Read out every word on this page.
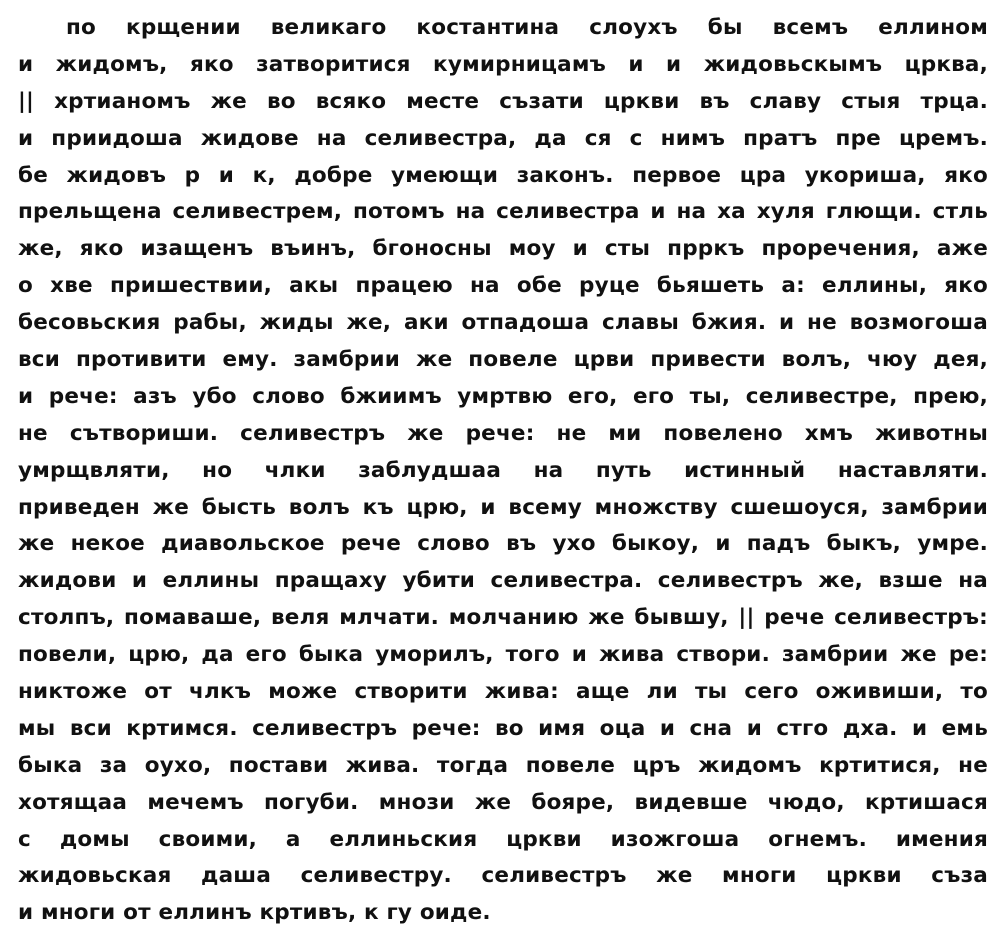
по крщении великаго костантина слоухъ бы всемъ еллином
и жидомъ, яко затворитися кумирницамъ и и жидовьскымъ црква,
|| хртианомъ же во всяко месте съзати цркви въ славу стыя трца.
и приидоша жидове на селивестра, да ся с нимъ пратъ пре цремъ.
бе жидовъ р и к, добре умеющи законъ. первое цра укориша, яко
прельщена селивестрем, потомъ на селивестра и на ха хуля глющи. стль
же, яко изащенъ въинъ, бгоносны моу и сты прркъ проречения, аже
о хве пришествии, акы працею на обе руце бьяшеть а: еллины, яко
бесовьския рабы, жиды же, аки отпадоша славы бжия. и не возмогоша
вси противити ему. замбрии же повеле црви привести волъ, чюу дея,
и рече: азъ убо слово бжиимъ умртвю его, его ты, селивестре, прею,
не сътвориши. селивестръ же рече: не ми повелено хмъ животны
умрщвляти, но члки заблудшаа на путь истинный наставляти.
приведен же бысть волъ къ црю, и всему множству сшешоуся, замбрии
же некое диавольское рече слово въ ухо быкоу, и падъ быкъ, умре.
жидови и еллины пращаху убити селивестра. селивестръ же, взше на
столпъ, помаваше, веля млчати. молчанию же бывшу, || рече селивестръ:
повели, црю, да его быка уморилъ, того и жива створи. замбрии же ре:
никтоже от члкъ може створити жива: аще ли ты сего оживиши, то
мы вси кртимся. селивестръ рече: во имя оца и сна и стго дха. и емь
быка за оухо, постави жива. тогда повеле цръ жидомъ кртитися, не
хотящаа мечемъ погуби. мнози же бояре, видевше чюдо, кртишася
с домы своими, а еллиньския цркви изожгоша огнемъ. имения
жидовьская даша селивестру. селивестръ же многи цркви съза
и многи от еллинъ кртивъ, к гу оиде.
